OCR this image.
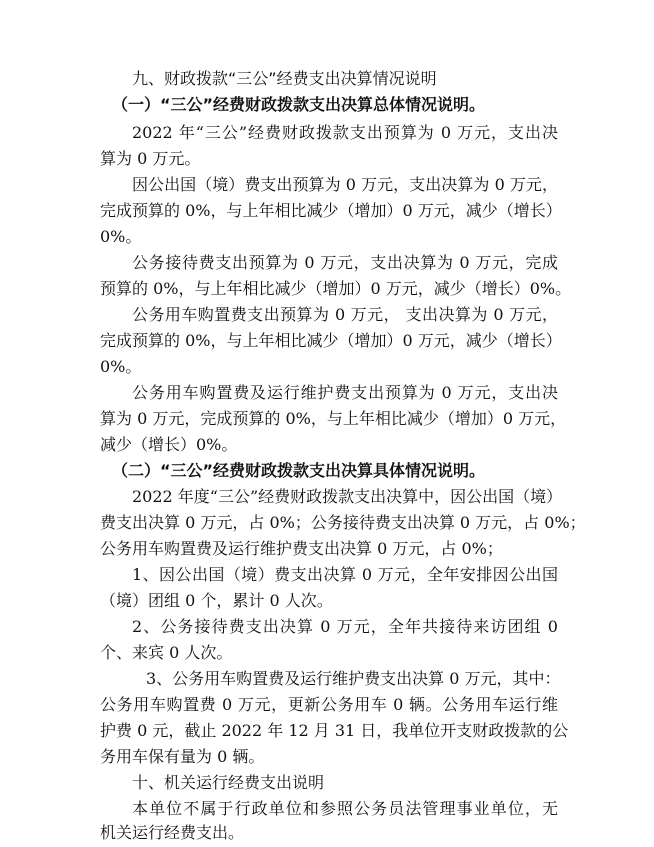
九、财政拨款“三公”经费支出决算情况说明
（一）“三公”经费财政拨款支出决算总体情况说明。
2022 年“三公”经费财政拨款支出预算为 0 万元，支出决
算为 0 万元。
因公出国（境）费支出预算为 0 万元，支出决算为 0 万元，
完成预算的 0%，与上年相比减少（增加）0 万元，减少（增长）
0%。
公务接待费支出预算为 0 万元，支出决算为 0 万元，完成
预算的 0%，与上年相比减少（增加）0 万元，减少（增长）0%。
公务用车购置费支出预算为 0 万元， 支出决算为 0 万元，
完成预算的 0%，与上年相比减少（增加）0 万元，减少（增长）
0%。
公务用车购置费及运行维护费支出预算为 0 万元，支出决
算为 0 万元，完成预算的 0%，与上年相比减少（增加）0 万元，
减少（增长）0%。
（二）“三公”经费财政拨款支出决算具体情况说明。
2022 年度“三公”经费财政拨款支出决算中，因公出国（境）
费支出决算 0 万元，占 0%；公务接待费支出决算 0 万元，占 0%；
公务用车购置费及运行维护费支出决算 0 万元，占 0%；
1、因公出国（境）费支出决算 0 万元，全年安排因公出国
（境）团组 0 个，累计 0 人次。
2、公务接待费支出决算 0 万元，全年共接待来访团组 0
个、来宾 0 人次。
3、公务用车购置费及运行维护费支出决算 0 万元，其中：
公务用车购置费 0 万元，更新公务用车 0 辆。公务用车运行维
护费 0 元，截止 2022 年 12 月 31 日，我单位开支财政拨款的公
务用车保有量为 0 辆。
十、机关运行经费支出说明
本单位不属于行政单位和参照公务员法管理事业单位，无
机关运行经费支出。
